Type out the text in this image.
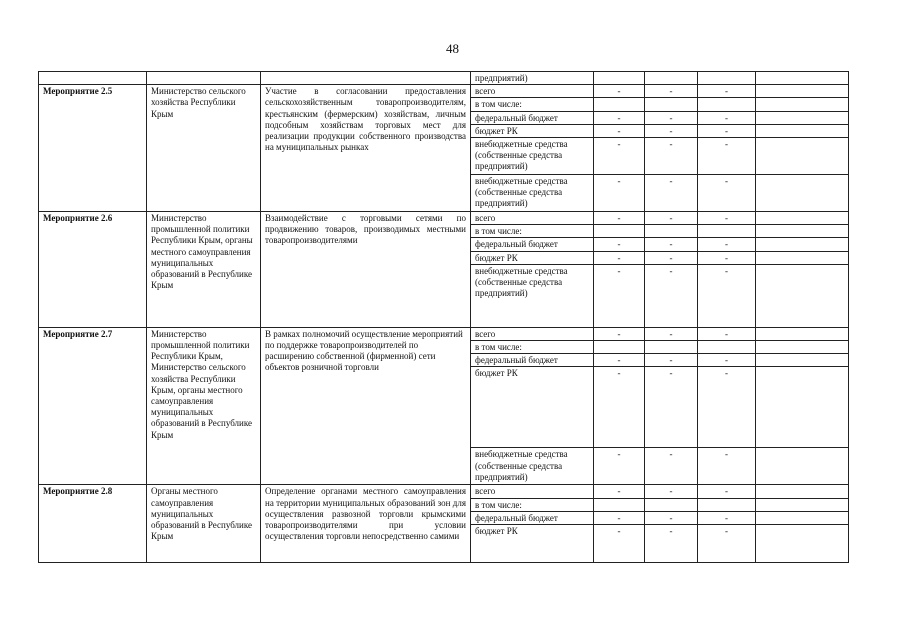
48
			предприятий)				
Мероприятие 2.5	Министерство сельского хозяйства Республики Крым	Участие в согласовании предоставления сельскохозяйственным товаропроизводителям, крестьянским (фермерским) хозяйствам, личным подсобным хозяйствам торговых мест для реализации продукции собственного производства на муниципальных рынках	всего	-	-	-	
			в том числе:				
			федеральный бюджет	-	-	-	
			бюджет РК	-	-	-	
			внебюджетные средства (собственные средства предприятий)	-	-	-	
			внебюджетные средства (собственные средства предприятий)	-	-	-	
Мероприятие 2.6	Министерство промышленной политики Республики Крым, органы местного самоуправления муниципальных образований в Республике Крым	Взаимодействие с торговыми сетями по продвижению товаров, производимых местными товаропроизводителями	всего	-	-	-	
			в том числе:				
			федеральный бюджет	-	-	-	
			бюджет РК	-	-	-	
			внебюджетные средства (собственные средства предприятий)	-	-	-	
Мероприятие 2.7	Министерство промышленной политики Республики Крым, Министерство сельского хозяйства Республики Крым, органы местного самоуправления муниципальных образований в Республике Крым	В рамках полномочий осуществление мероприятий по поддержке товаропроизводителей по расширению собственной (фирменной) сети объектов розничной торговли	всего	-	-	-	
			в том числе:				
			федеральный бюджет	-	-	-	
			бюджет РК	-	-	-	
			внебюджетные средства (собственные средства предприятий)	-	-	-	
Мероприятие 2.8	Органы местного самоуправления муниципальных образований в Республике Крым	Определение органами местного самоуправления на территории муниципальных образований зон для осуществления развозной торговли крымскими товаропроизводителями при условии осуществления торговли непосредственно самими	всего	-	-	-	
			в том числе:				
			федеральный бюджет	-	-	-	
			бюджет РК	-	-	-	
